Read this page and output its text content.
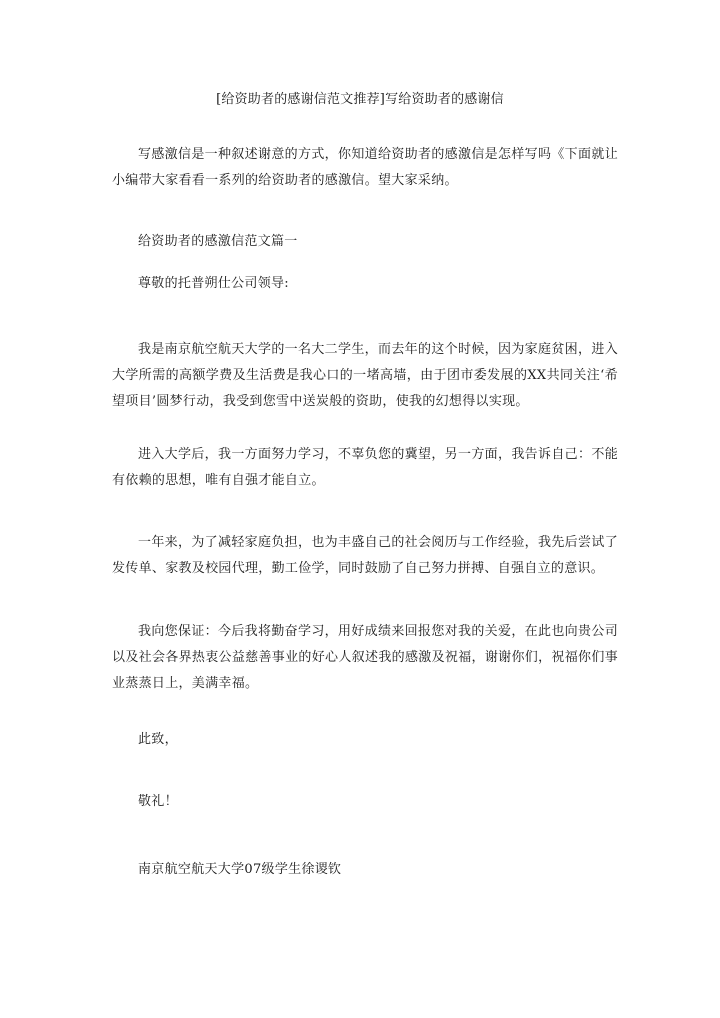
[给资助者的感谢信范文推荐]写给资助者的感谢信

写感激信是一种叙述谢意的方式，你知道给资助者的感激信是怎样写吗《下面就让小编带大家看看一系列的给资助者的感激信。望大家采纳。

给资助者的感激信范文篇一
尊敬的托普朔仕公司领导:

我是南京航空航天大学的一名大二学生，而去年的这个时候，因为家庭贫困，进入大学所需的高额学费及生活费是我心口的一堵高墙，由于团市委发展的XX共同关注‘希望项目’圆梦行动，我受到您雪中送炭般的资助，使我的幻想得以实现。

进入大学后，我一方面努力学习，不辜负您的冀望，另一方面，我告诉自己：不能有依赖的思想，唯有自强才能自立。

一年来，为了减轻家庭负担，也为丰盛自己的社会阅历与工作经验，我先后尝试了发传单、家教及校园代理，勤工俭学，同时鼓励了自己努力拼搏、自强自立的意识。

我向您保证：今后我将勤奋学习，用好成绩来回报您对我的关爱，在此也向贵公司以及社会各界热衷公益慈善事业的好心人叙述我的感激及祝福，谢谢你们，祝福你们事业蒸蒸日上，美满幸福。

此致，
敬礼！
南京航空航天大学07级学生徐谡钦
